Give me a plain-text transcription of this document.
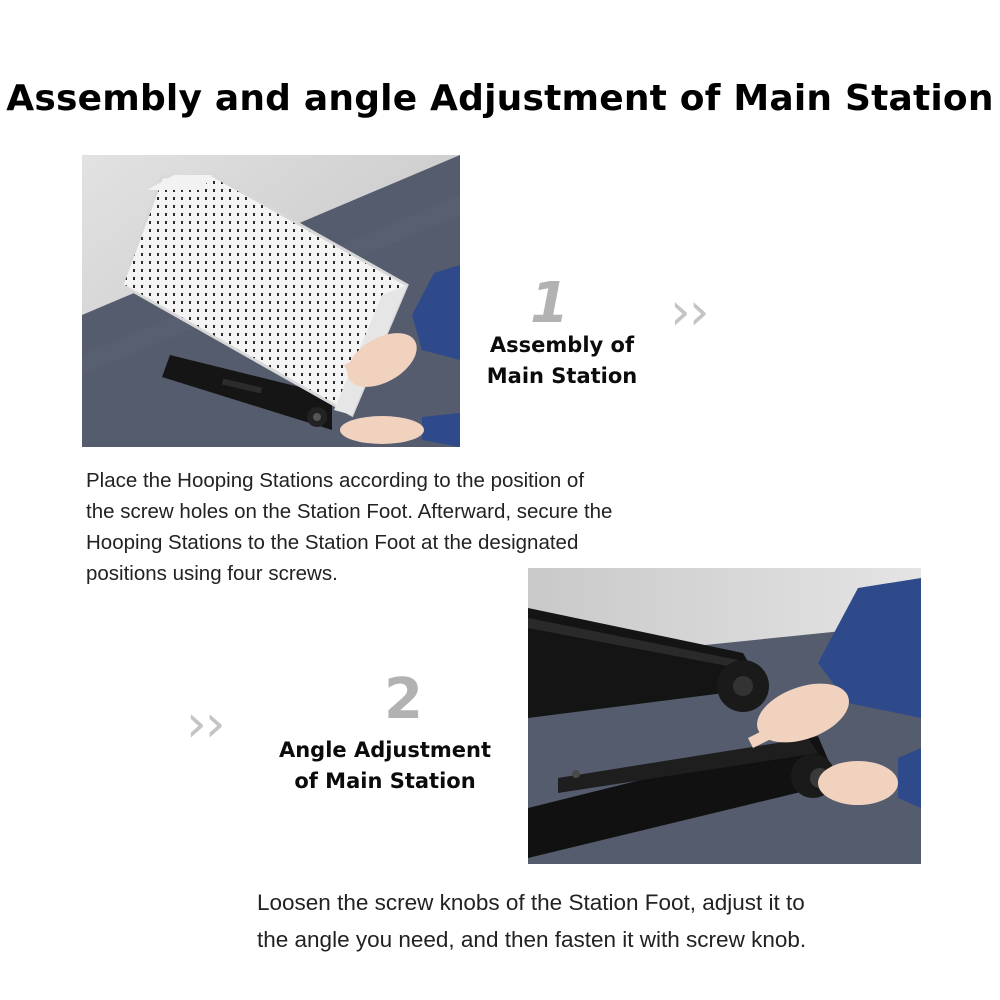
Assembly and angle Adjustment of Main Station
1
Assembly of
Main Station
››
Place the Hooping Stations according to the position of
the screw holes on the Station Foot. Afterward, secure the
Hooping Stations to the Station Foot at the designated
positions using four screws.
2
Angle Adjustment
of Main Station
››
Loosen the screw knobs of the Station Foot, adjust it to
the angle you need, and then fasten it with screw knob.
